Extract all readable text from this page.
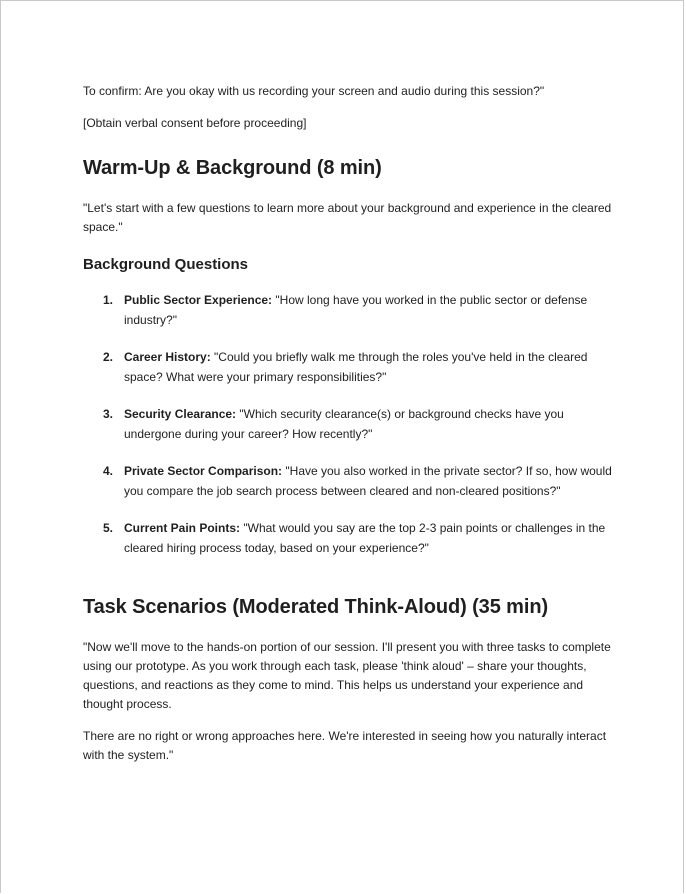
To confirm: Are you okay with us recording your screen and audio during this session?"

[Obtain verbal consent before proceeding]

Warm-Up & Background (8 min)

"Let's start with a few questions to learn more about your background and experience in the cleared space."

Background Questions
1. Public Sector Experience: "How long have you worked in the public sector or defense industry?"
2. Career History: "Could you briefly walk me through the roles you've held in the cleared space? What were your primary responsibilities?"
3. Security Clearance: "Which security clearance(s) or background checks have you undergone during your career? How recently?"
4. Private Sector Comparison: "Have you also worked in the private sector? If so, how would you compare the job search process between cleared and non-cleared positions?"
5. Current Pain Points: "What would you say are the top 2-3 pain points or challenges in the cleared hiring process today, based on your experience?"
Task Scenarios (Moderated Think-Aloud) (35 min)

"Now we'll move to the hands-on portion of our session. I'll present you with three tasks to complete using our prototype. As you work through each task, please 'think aloud' – share your thoughts, questions, and reactions as they come to mind. This helps us understand your experience and thought process.

There are no right or wrong approaches here. We're interested in seeing how you naturally interact with the system."
